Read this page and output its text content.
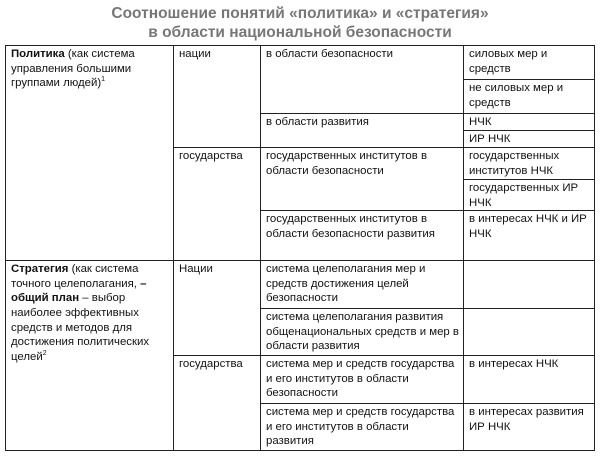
Соотношение понятий «политика» и «стратегия»
в области национальной безопасности
Политика (как система управления большими группами людей)$^1$	нации	в области безопасности	силовых мер и средств
			не силовых мер и средств
		в области развития	НЧК
			ИР НЧК
	государства	государственных институтов в области безопасности	государственных институтов НЧК
			государственных ИР НЧК
		государственных институтов в области безопасности развития	в интересах НЧК и ИР НЧК

Стратегия (как система точного целеполагания, – общий план – выбор наиболее эффективных средств и методов для достижения политических целей$^2$	Нации	система целеполагания мер и средств достижения целей безопасности	
		система целеполагания развития общенациональных средств и мер в области развития	
	государства	система мер и средств государства и его институтов в области безопасности	в интересах НЧК
		система мер и средств государства и его институтов в области развития	в интересах развития ИР НЧК
